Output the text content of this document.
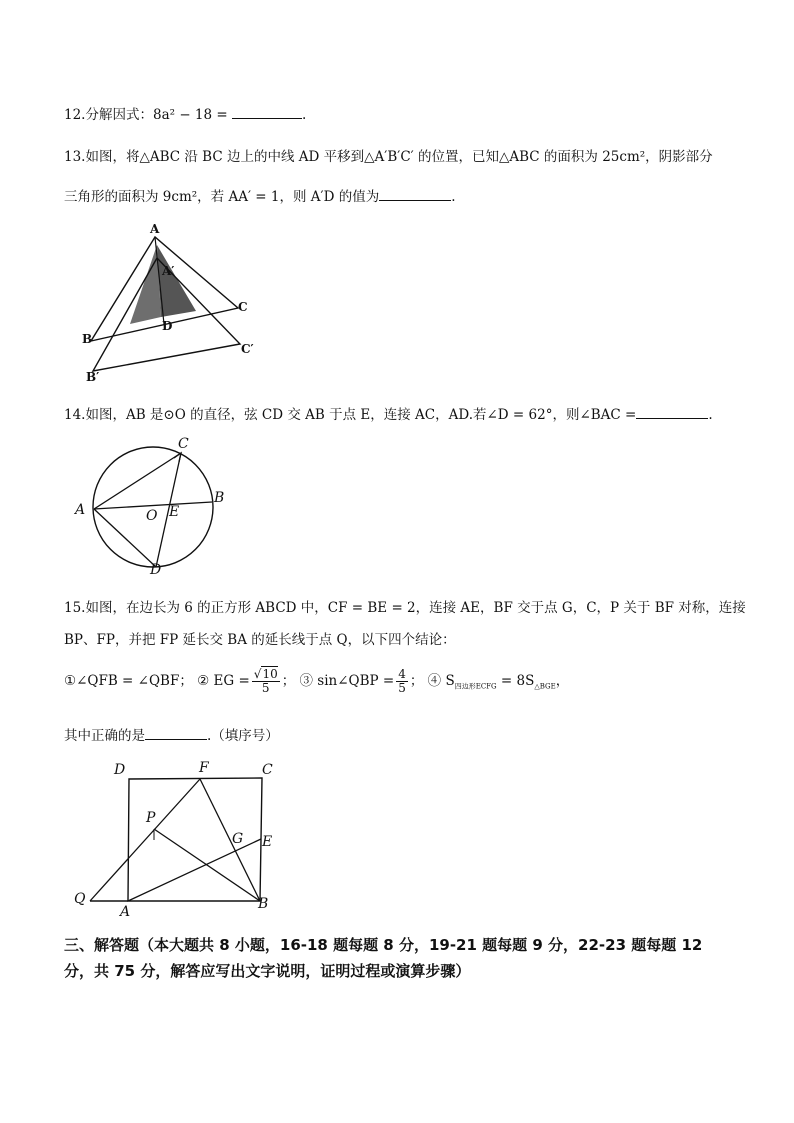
12.分解因式：8a² − 18 =	.
13.如图，将△ABC 沿 BC 边上的中线 AD 平移到△A′B′C′ 的位置，已知△ABC 的面积为 25cm²，阴影部分
三角形的面积为 9cm²，若 AA′ = 1，则 A′D 的值为	.
A
A′
C
B
D
C′
B′
14.如图，AB 是⊙O 的直径，弦 CD 交 AB 于点 E，连接 AC，AD.若∠D = 62°，则∠BAC =	.
C
A
B
O E
D
15.如图，在边长为 6 的正方形 ABCD 中，CF = BE = 2，连接 AE，BF 交于点 G，C，P 关于 BF 对称，连接
BP、FP，并把 FP 延长交 BA 的延长线于点 Q，以下四个结论：
①∠QFB = ∠QBF； ② EG = $\frac{√10}{5}$ ； ③ sin∠QBP = $\frac{4}{5}$ ； ④ $S_{四边形ECFG} = 8S_{\triangle BGE}$，
其中正确的是	.（填序号）
D	F	C
P
G E
Q
A	B
三、解答题（本大题共 8 小题，16-18 题每题 8 分，19-21 题每题 9 分，22-23 题每题 12 分，共 75 分，解答应写出文字说明，证明过程或演算步骤）
